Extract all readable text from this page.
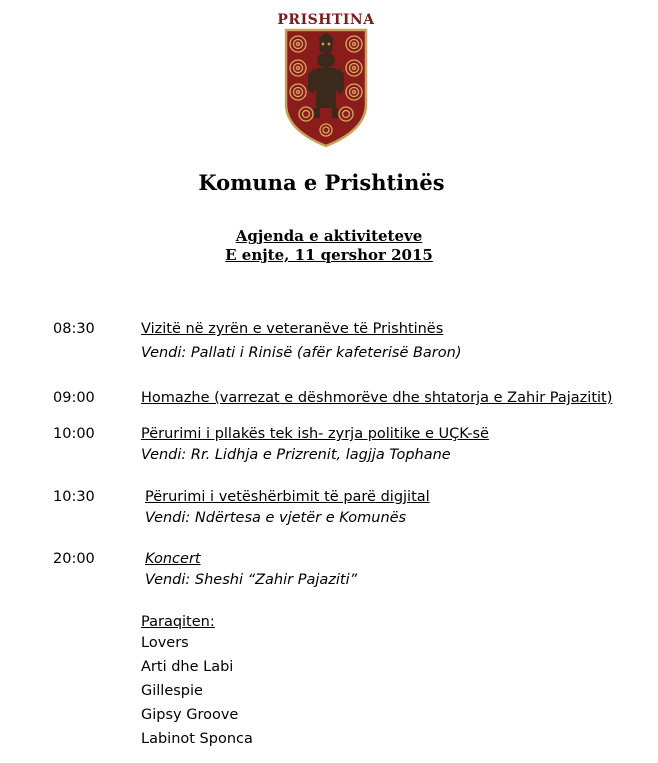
PRISHTINA
Komuna e Prishtinës
Agjenda e aktiviteteve
E enjte, 11 qershor 2015
08:30	Vizitë në zyrën e veteranëve të Prishtinës
Vendi: Pallati i Rinisë (afër kafeterisë Baron)
09:00	Homazhe (varrezat e dëshmorëve dhe shtatorja e Zahir Pajazitit)
10:00	Përurimi i pllakës tek ish- zyrja politike e UÇK-së
Vendi: Rr. Lidhja e Prizrenit, lagjja Tophane
10:30	Përurimi i vetëshërbimit të parë digjital
Vendi: Ndërtesa e vjetër e Komunës
20:00	Koncert
Vendi: Sheshi “Zahir Pajaziti”
Paraqiten:
Lovers
Arti dhe Labi
Gillespie
Gipsy Groove
Labinot Sponca
